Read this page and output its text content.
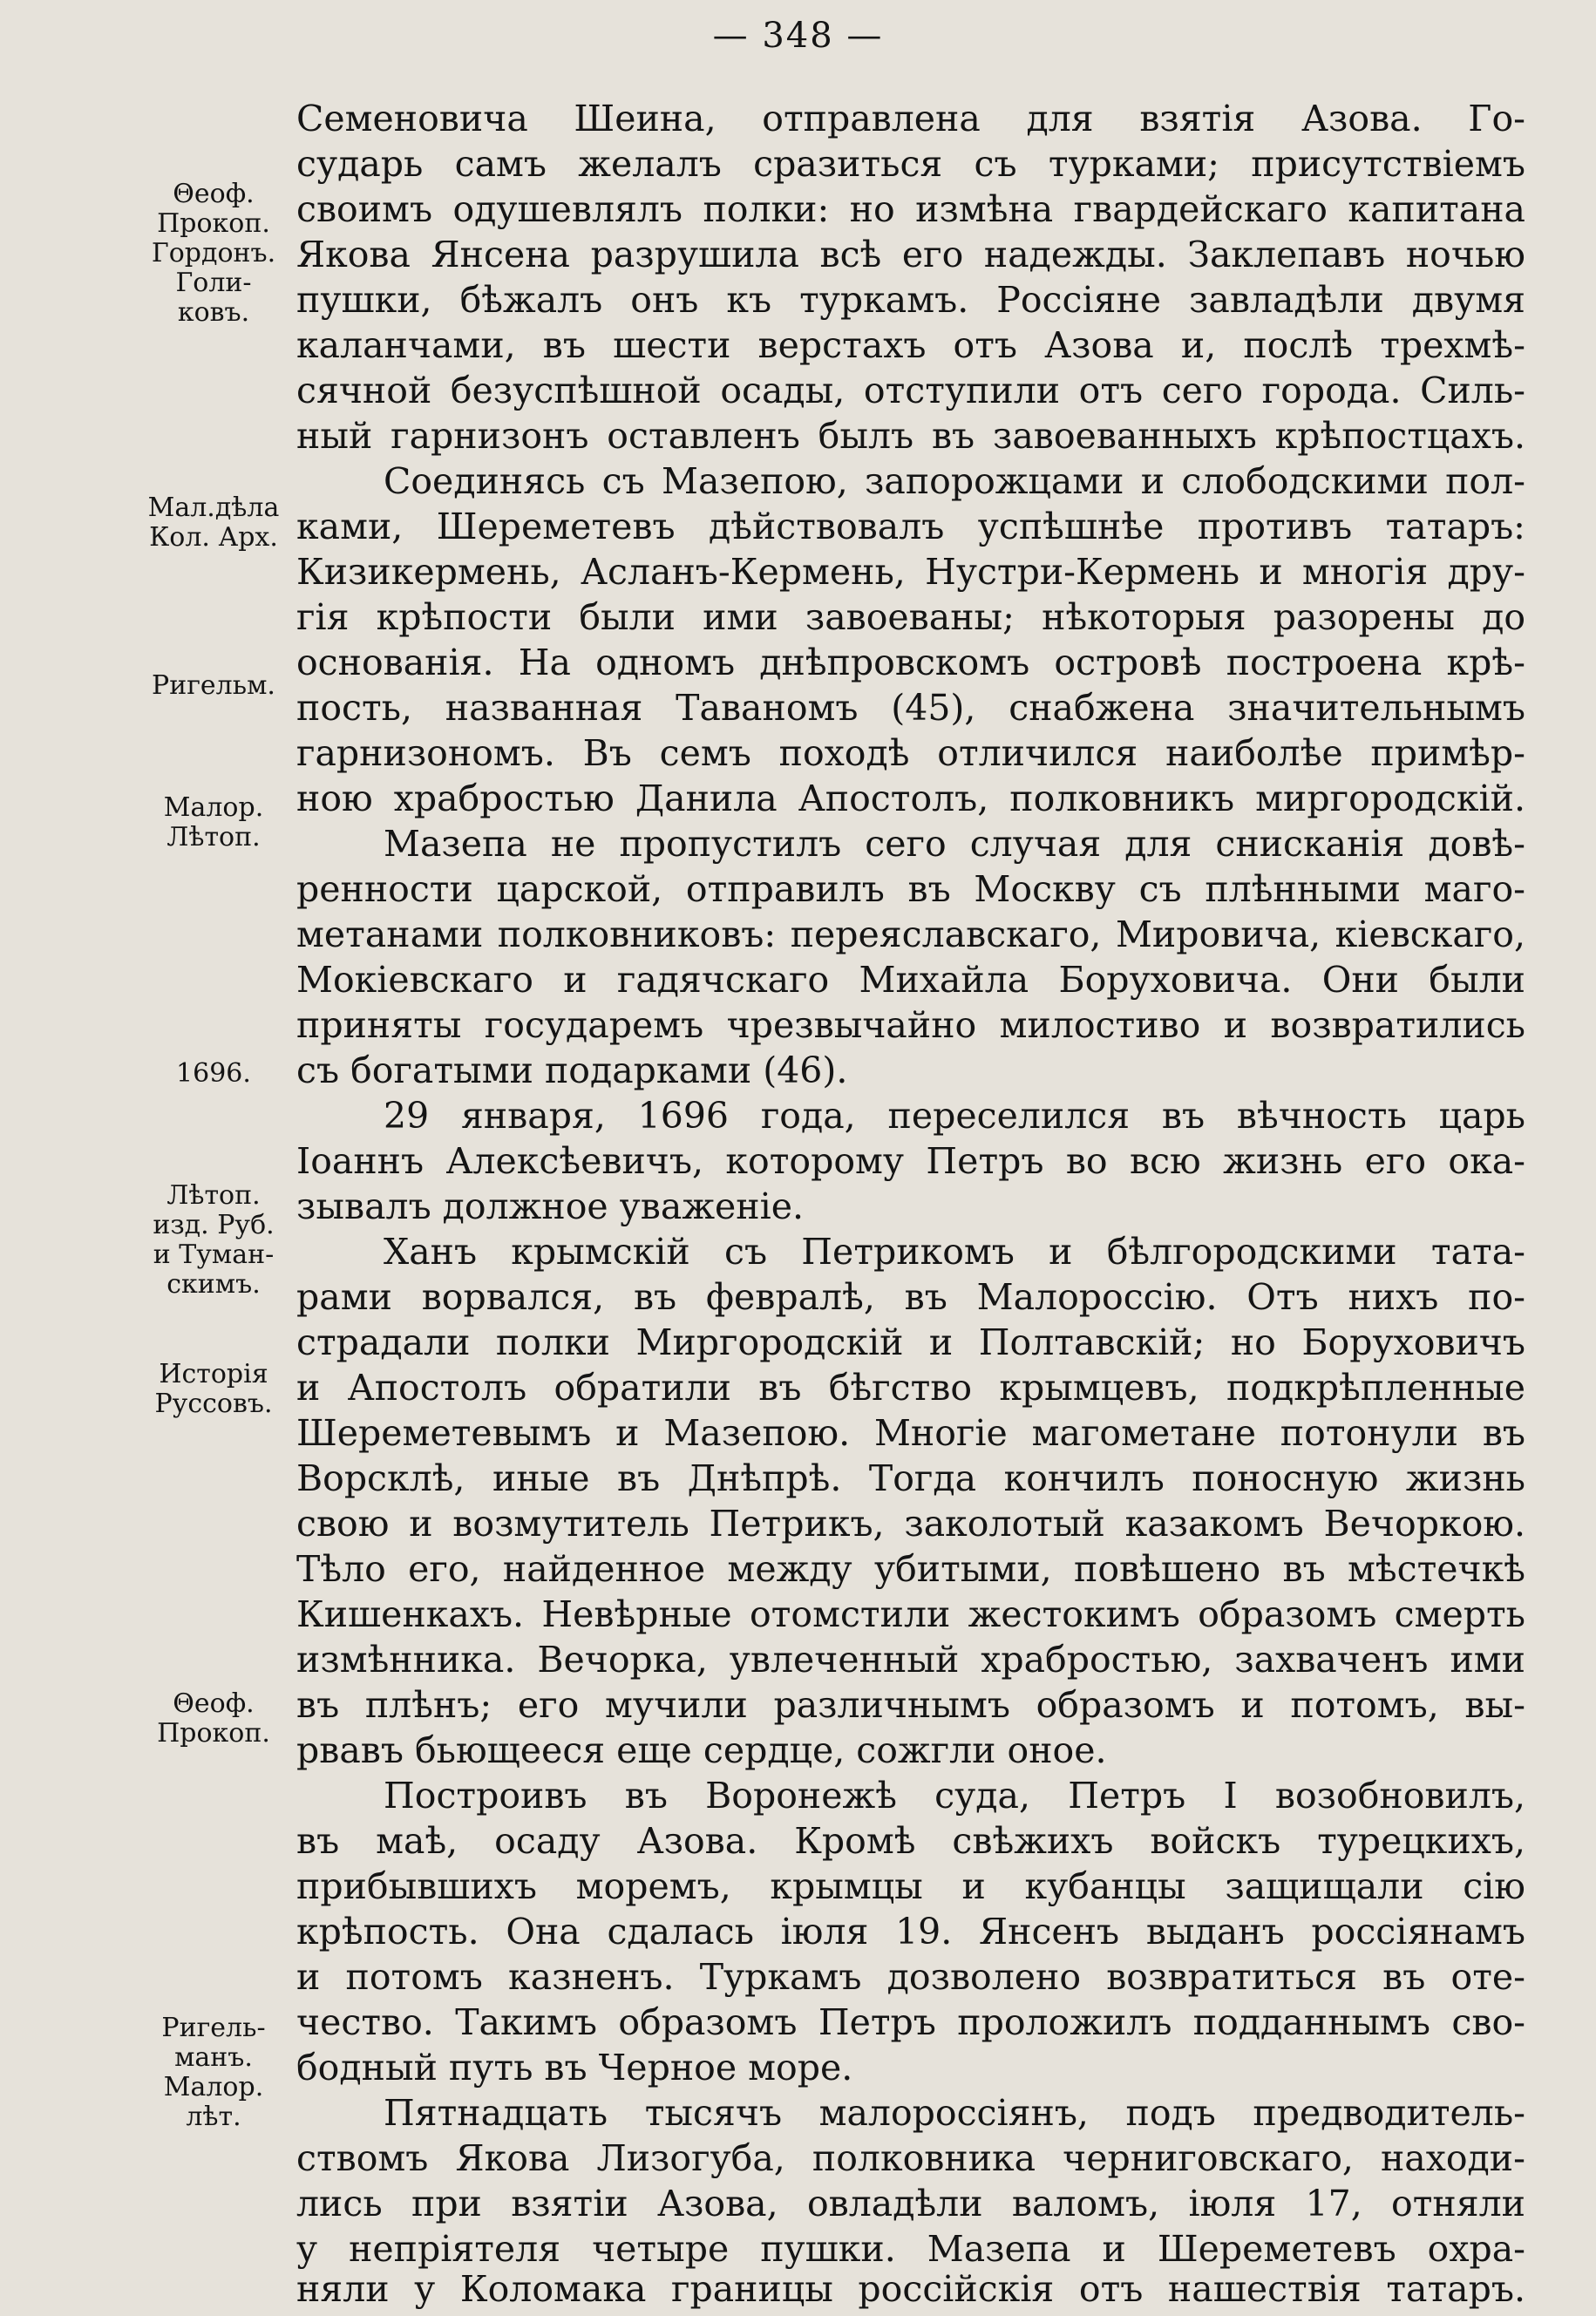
— 348 —
Θеоф.
Прокоп.
Гордонъ.
Голи-
ковъ.
Мал.дѣла
Кол. Арх.
Ригельм.
Малор.
Лѣтоп.
1696.
Лѣтоп.
изд. Руб.
и Туман-
скимъ.
Исторія
Руссовъ.
Θеоф.
Прокоп.
Ригель-
манъ.
Малор.
лѣт.
Семеновича Шеина, отправлена для взятія Азова. Го-
сударь самъ желалъ сразиться съ турками; присутствіемъ
своимъ одушевлялъ полки: но измѣна гвардейскаго капитана
Якова Янсена разрушила всѣ его надежды. Заклепавъ ночью
пушки, бѣжалъ онъ къ туркамъ. Россіяне завладѣли двумя
каланчами, въ шести верстахъ отъ Азова и, послѣ трехмѣ-
сячной безуспѣшной осады, отступили отъ сего города. Силь-
ный гарнизонъ оставленъ былъ въ завоеванныхъ крѣпостцахъ.
Соединясь съ Мазепою, запорожцами и слободскими пол-
ками, Шереметевъ дѣйствовалъ успѣшнѣе противъ татаръ:
Кизикермень, Асланъ-Кермень, Нустри-Кермень и многія дру-
гія крѣпости были ими завоеваны; нѣкоторыя разорены до
основанія. На одномъ днѣпровскомъ островѣ построена крѣ-
пость, названная Таваномъ (45), снабжена значительнымъ
гарнизономъ. Въ семъ походѣ отличился наиболѣе примѣр-
ною храбростью Данила Апостолъ, полковникъ миргородскій.
Мазепа не пропустилъ сего случая для снисканія довѣ-
ренности царской, отправилъ въ Москву съ плѣнными маго-
метанами полковниковъ: переяславскаго, Мировича, кіевскаго,
Мокіевскаго и гадячскаго Михайла Боруховича. Они были
приняты государемъ чрезвычайно милостиво и возвратились
съ богатыми подарками (46).
29 января, 1696 года, переселился въ вѣчность царь
Іоаннъ Алексѣевичъ, которому Петръ во всю жизнь его ока-
зывалъ должное уваженіе.
Ханъ крымскій съ Петрикомъ и бѣлгородскими тата-
рами ворвался, въ февралѣ, въ Малороссію. Отъ нихъ по-
страдали полки Миргородскій и Полтавскій; но Боруховичъ
и Апостолъ обратили въ бѣгство крымцевъ, подкрѣпленные
Шереметевымъ и Мазепою. Многіе магометане потонули въ
Ворсклѣ, иные въ Днѣпрѣ. Тогда кончилъ поносную жизнь
свою и возмутитель Петрикъ, заколотый казакомъ Вечоркою.
Тѣло его, найденное между убитыми, повѣшено въ мѣстечкѣ
Кишенкахъ. Невѣрные отомстили жестокимъ образомъ смерть
измѣнника. Вечорка, увлеченный храбростью, захваченъ ими
въ плѣнъ; его мучили различнымъ образомъ и потомъ, вы-
рвавъ бьющееся еще сердце, сожгли оное.
Построивъ въ Воронежѣ суда, Петръ I возобновилъ,
въ маѣ, осаду Азова. Кромѣ свѣжихъ войскъ турецкихъ,
прибывшихъ моремъ, крымцы и кубанцы защищали сію
крѣпость. Она сдалась іюля 19. Янсенъ выданъ россіянамъ
и потомъ казненъ. Туркамъ дозволено возвратиться въ оте-
чество. Такимъ образомъ Петръ проложилъ подданнымъ сво-
бодный путь въ Черное море.
Пятнадцать тысячъ малороссіянъ, подъ предводитель-
ствомъ Якова Лизогуба, полковника черниговскаго, находи-
лись при взятіи Азова, овладѣли валомъ, іюля 17, отняли
у непріятеля четыре пушки. Мазепа и Шереметевъ охра-
няли у Коломака границы россійскія отъ нашествія татаръ.
